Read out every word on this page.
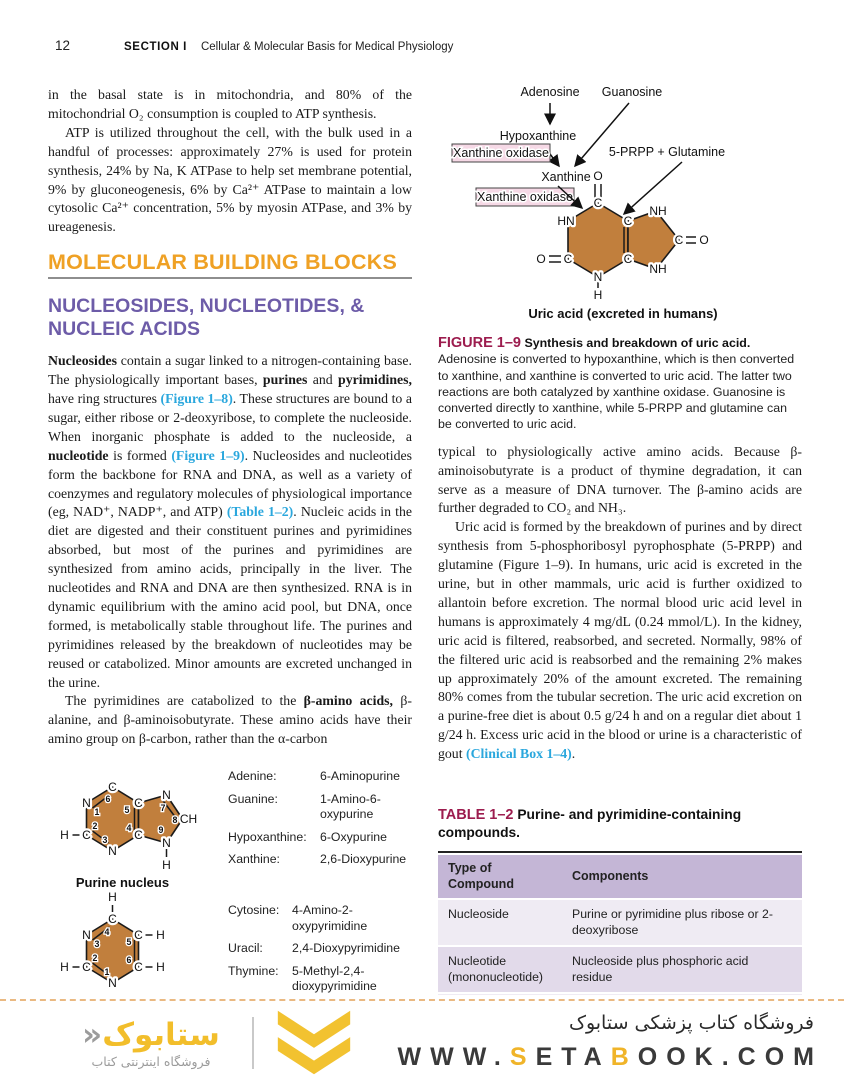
12	SECTION I Cellular & Molecular Basis for Medical Physiology

in the basal state is in mitochondria, and 80% of the mitochondrial O₂ consumption is coupled to ATP synthesis.

ATP is utilized throughout the cell, with the bulk used in a handful of processes: approximately 27% is used for protein synthesis, 24% by Na, K ATPase to help set membrane potential, 9% by gluconeogenesis, 6% by Ca²⁺ ATPase to maintain a low cytosolic Ca²⁺ concentration, 5% by myosin ATPase, and 3% by ureagenesis.

MOLECULAR BUILDING BLOCKS
NUCLEOSIDES, NUCLEOTIDES, & NUCLEIC ACIDS

Nucleosides contain a sugar linked to a nitrogen-containing base. The physiologically important bases, purines and pyrimidines, have ring structures (Figure 1–8). These structures are bound to a sugar, either ribose or 2-deoxyribose, to complete the nucleoside. When inorganic phosphate is added to the nucleoside, a nucleotide is formed (Figure 1–9). Nucleosides and nucleotides form the backbone for RNA and DNA, as well as a variety of coenzymes and regulatory molecules of physiological importance (eg, NAD⁺, NADP⁺, and ATP) (Table 1–2). Nucleic acids in the diet are digested and their constituent purines and pyrimidines absorbed, but most of the purines and pyrimidines are synthesized from amino acids, principally in the liver. The nucleotides and RNA and DNA are then synthesized. RNA is in dynamic equilibrium with the amino acid pool, but DNA, once formed, is metabolically stable throughout life. The purines and pyrimidines released by the breakdown of nucleotides may be reused or catabolized. Minor amounts are excreted unchanged in the urine.

The pyrimidines are catabolized to the β-amino acids, β-alanine, and β-aminoisobutyrate. These amino acids have their amino group on β-carbon, rather than the α-carbon

N
C
C
N
CH
N
H
C
N
C
H
1
2
3
4
5
6
7
8
9
Purine nucleus
Adenine:	6-Aminopurine
Guanine:	1-Amino-6-oxypurine
Hypoxanthine:	6-Oxypurine
Xanthine:	2,6-Dioxypurine
H
C
N
C
H
N
C H
C H
4
3
2
1
6
5
Cytosine:	4-Amino-2-oxypyrimidine
Uracil:	2,4-Dioxypyrimidine
Thymine:	5-Methyl-2,4-dioxypyrimidine
Adenosine Guanosine
Hypoxanthine
Xanthine oxidase
Xanthine
Xanthine oxidase
5-PRPP + Glutamine
O
C
HN
C
O
N
H
C
C
NH
C O
NH
Uric acid (excreted in humans)
FIGURE 1–9 Synthesis and breakdown of uric acid. Adenosine is converted to hypoxanthine, which is then converted to xanthine, and xanthine is converted to uric acid. The latter two reactions are both catalyzed by xanthine oxidase. Guanosine is converted directly to xanthine, while 5-PRPP and glutamine can be converted to uric acid.

typical to physiologically active amino acids. Because β-aminoisobutyrate is a product of thymine degradation, it can serve as a measure of DNA turnover. The β-amino acids are further degraded to CO₂ and NH₃.

Uric acid is formed by the breakdown of purines and by direct synthesis from 5-phosphoribosyl pyrophosphate (5-PRPP) and glutamine (Figure 1–9). In humans, uric acid is excreted in the urine, but in other mammals, uric acid is further oxidized to allantoin before excretion. The normal blood uric acid level in humans is approximately 4 mg/dL (0.24 mmol/L). In the kidney, uric acid is filtered, reabsorbed, and secreted. Normally, 98% of the filtered uric acid is reabsorbed and the remaining 2% makes up approximately 20% of the amount excreted. The remaining 80% comes from the tubular secretion. The uric acid excretion on a purine-free diet is about 0.5 g/24 h and on a regular diet about 1 g/24 h. Excess uric acid in the blood or urine is a characteristic of gout (Clinical Box 1–4).

TABLE 1–2 Purine- and pyrimidine-containing compounds.
Type of Compound	Components
Nucleoside	Purine or pyrimidine plus ribose or 2-deoxyribose
Nucleotide (mononucleotide)	Nucleoside plus phosphoric acid residue

ستابوک«
فروشگاه اینترنتی کتاب
فروشگاه کتاب پزشکی ستابوک
WWW.SETABOOK.COM
